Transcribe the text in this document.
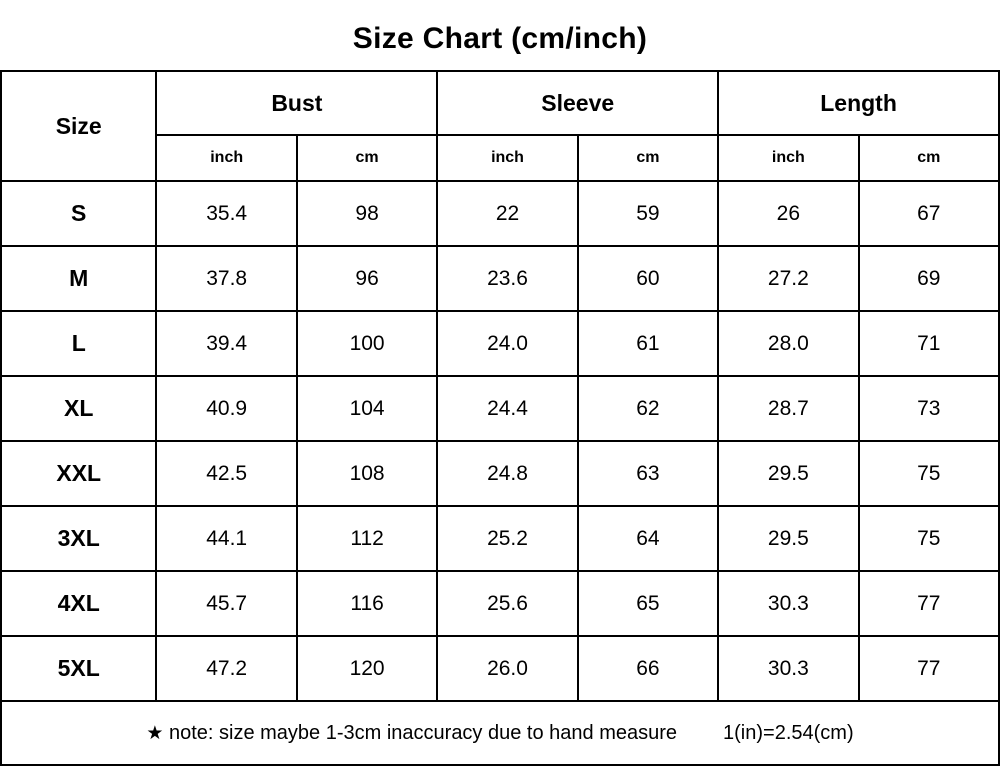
Size Chart (cm/inch)
Size	Bust		Sleeve		Length	
	inch	cm	inch	cm	inch	cm
S	35.4	98	22	59	26	67
M	37.8	96	23.6	60	27.2	69
L	39.4	100	24.0	61	28.0	71
XL	40.9	104	24.4	62	28.7	73
XXL	42.5	108	24.8	63	29.5	75
3XL	44.1	112	25.2	64	29.5	75
4XL	45.7	116	25.6	65	30.3	77
5XL	47.2	120	26.0	66	30.3	77

★ note: size maybe 1-3cm inaccuracy due to hand measure 1(in)=2.54(cm)						
